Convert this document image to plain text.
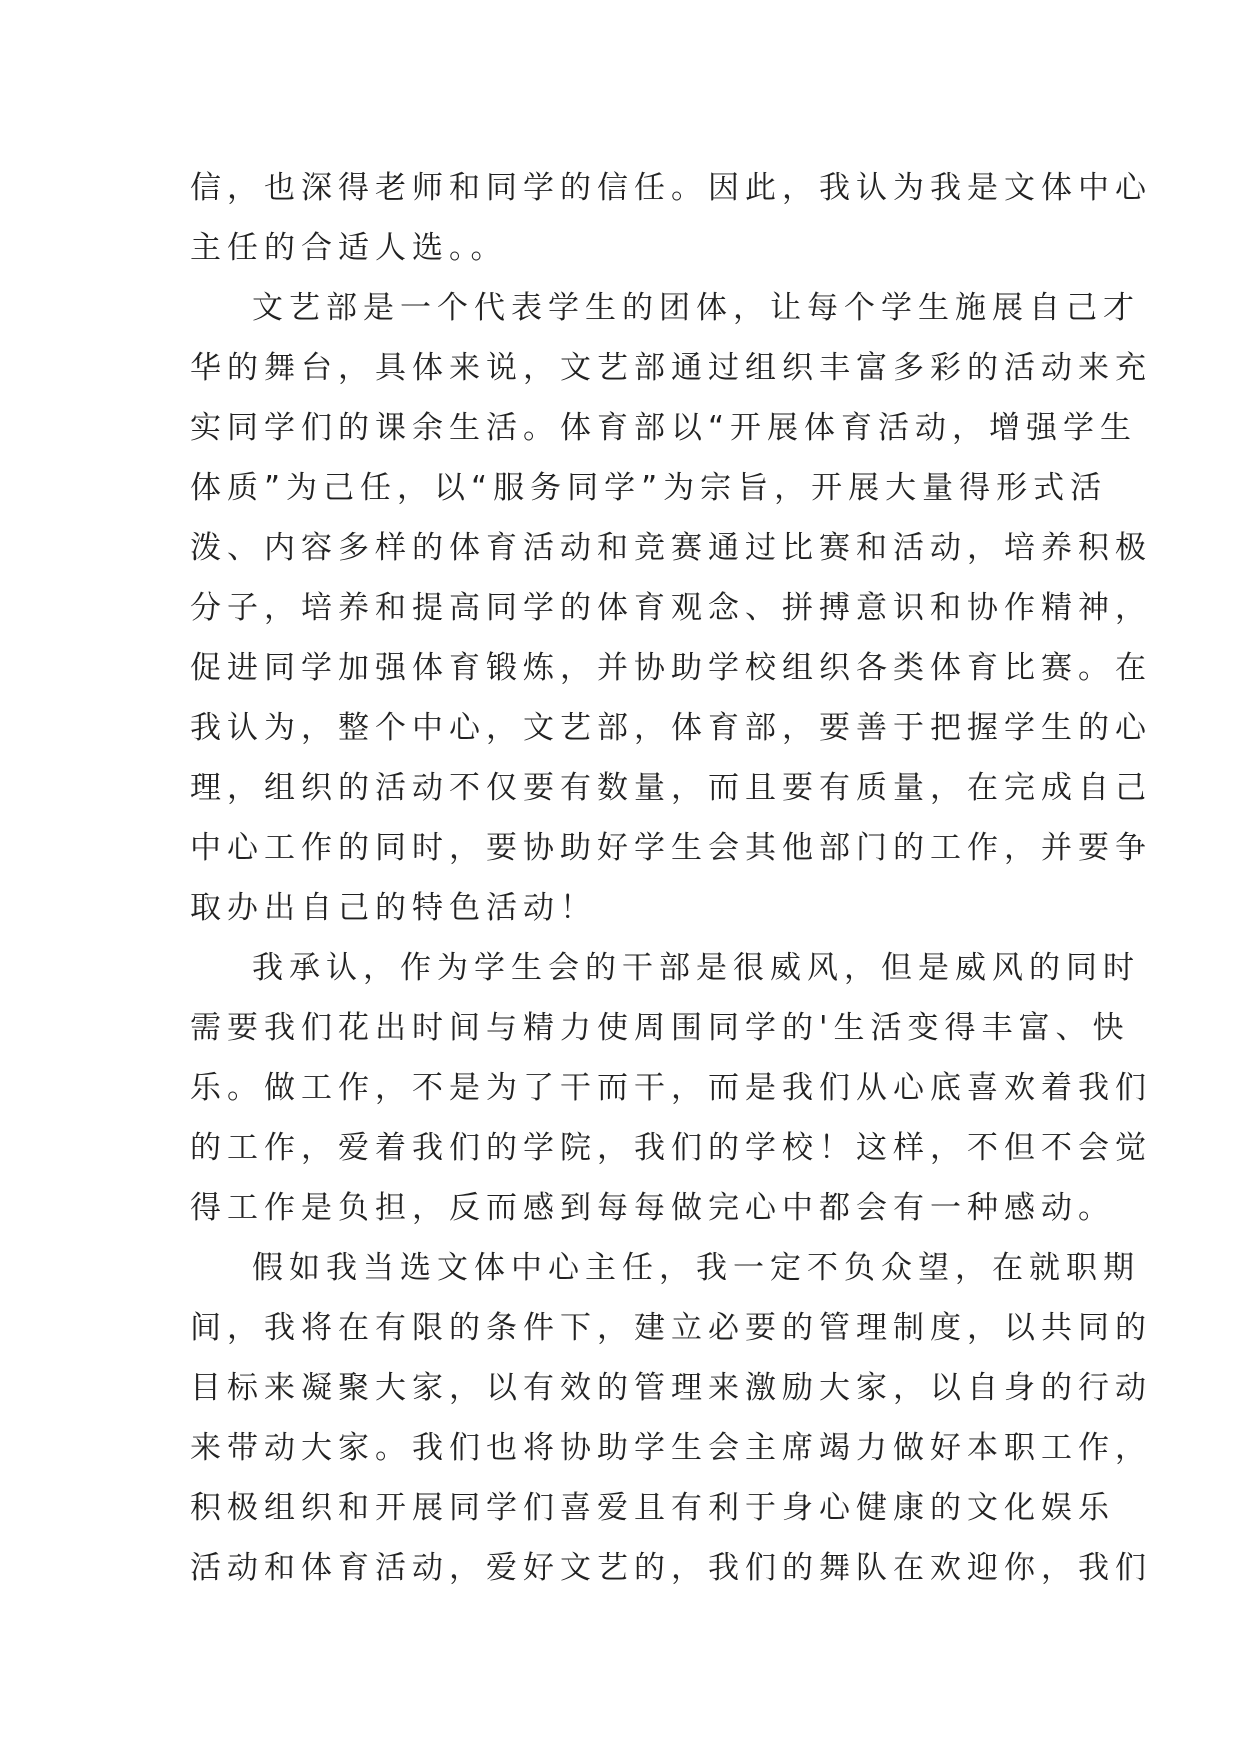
信，也深得老师和同学的信任。因此，我认为我是文体中心
主任的合适人选。。
文艺部是一个代表学生的团体，让每个学生施展自己才
华的舞台，具体来说，文艺部通过组织丰富多彩的活动来充
实同学们的课余生活。体育部以“开展体育活动，增强学生
体质”为己任，以“服务同学”为宗旨，开展大量得形式活
泼、内容多样的体育活动和竞赛通过比赛和活动，培养积极
分子，培养和提高同学的体育观念、拼搏意识和协作精神，
促进同学加强体育锻炼，并协助学校组织各类体育比赛。在
我认为，整个中心，文艺部，体育部，要善于把握学生的心
理，组织的活动不仅要有数量，而且要有质量，在完成自己
中心工作的同时，要协助好学生会其他部门的工作，并要争
取办出自己的特色活动！
我承认，作为学生会的干部是很威风，但是威风的同时
需要我们花出时间与精力使周围同学的'生活变得丰富、快
乐。做工作，不是为了干而干，而是我们从心底喜欢着我们
的工作，爱着我们的学院，我们的学校！这样，不但不会觉
得工作是负担，反而感到每每做完心中都会有一种感动。
假如我当选文体中心主任，我一定不负众望，在就职期
间，我将在有限的条件下，建立必要的管理制度，以共同的
目标来凝聚大家，以有效的管理来激励大家，以自身的行动
来带动大家。我们也将协助学生会主席竭力做好本职工作，
积极组织和开展同学们喜爱且有利于身心健康的文化娱乐
活动和体育活动，爱好文艺的，我们的舞队在欢迎你，我们
